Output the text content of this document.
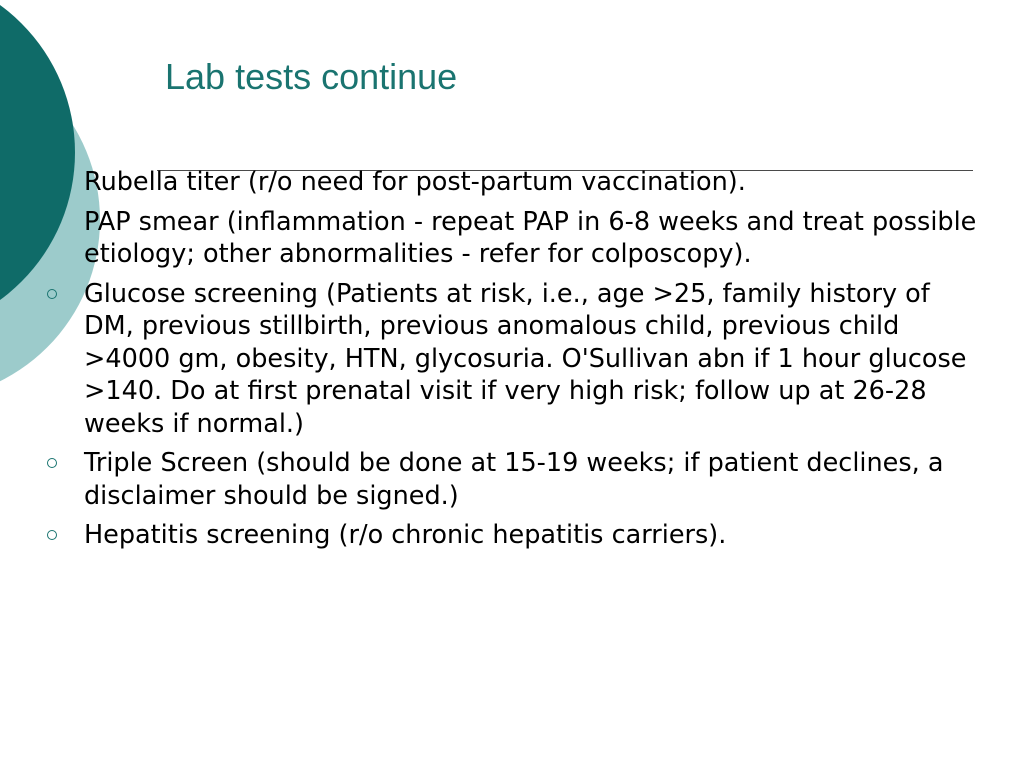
Lab tests continue
Rubella titer (r/o need for post-partum vaccination).
PAP smear (inflammation - repeat PAP in 6-8 weeks and treat possible etiology; other abnormalities - refer for colposcopy).
Glucose screening (Patients at risk, i.e., age >25, family history of DM, previous stillbirth, previous anomalous child, previous child >4000 gm, obesity, HTN, glycosuria. O'Sullivan abn if 1 hour glucose >140. Do at first prenatal visit if very high risk; follow up at 26-28 weeks if normal.)
Triple Screen (should be done at 15-19 weeks; if patient declines, a disclaimer should be signed.)
Hepatitis screening (r/o chronic hepatitis carriers).
